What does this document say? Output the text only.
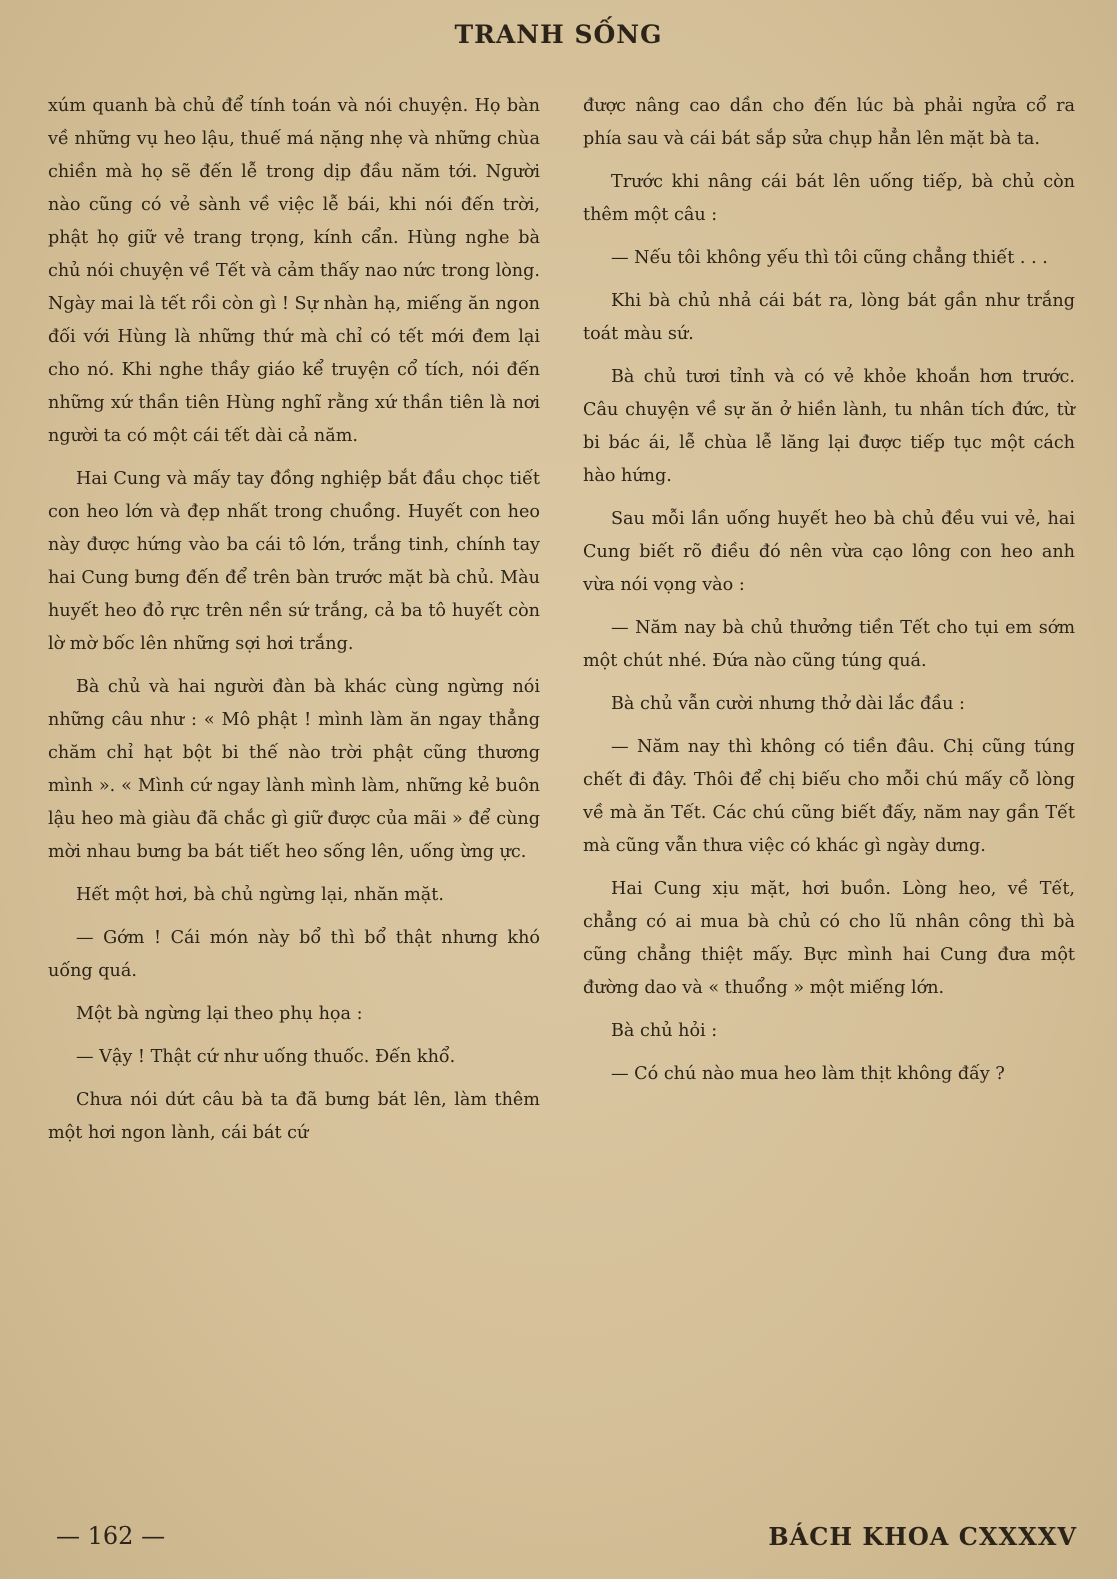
TRANH SỐNG

xúm quanh bà chủ để tính toán và nói chuyện. Họ bàn về những vụ heo lậu, thuế má nặng nhẹ và những chùa chiền mà họ sẽ đến lễ trong dịp đầu năm tới. Người nào cũng có vẻ sành về việc lễ bái, khi nói đến trời, phật họ giữ vẻ trang trọng, kính cẩn. Hùng nghe bà chủ nói chuyện về Tết và cảm thấy nao nức trong lòng. Ngày mai là tết rồi còn gì ! Sự nhàn hạ, miếng ăn ngon đối với Hùng là những thứ mà chỉ có tết mới đem lại cho nó. Khi nghe thầy giáo kể truyện cổ tích, nói đến những xứ thần tiên Hùng nghĩ rằng xứ thần tiên là nơi người ta có một cái tết dài cả năm.

Hai Cung và mấy tay đồng nghiệp bắt đầu chọc tiết con heo lớn và đẹp nhất trong chuồng. Huyết con heo này được hứng vào ba cái tô lớn, trắng tinh, chính tay hai Cung bưng đến để trên bàn trước mặt bà chủ. Màu huyết heo đỏ rực trên nền sứ trắng, cả ba tô huyết còn lờ mờ bốc lên những sợi hơi trắng.

Bà chủ và hai người đàn bà khác cùng ngừng nói những câu như : « Mô phật ! mình làm ăn ngay thẳng chăm chỉ hạt bột bi thế nào trời phật cũng thương mình ». « Mình cứ ngay lành mình làm, những kẻ buôn lậu heo mà giàu đã chắc gì giữ được của mãi » để cùng mời nhau bưng ba bát tiết heo sống lên, uống ừng ực.

Hết một hơi, bà chủ ngừng lại, nhăn mặt.

— Gớm ! Cái món này bổ thì bổ thật nhưng khó uống quá.

Một bà ngừng lại theo phụ họa :

— Vậy ! Thật cứ như uống thuốc. Đến khổ.

Chưa nói dứt câu bà ta đã bưng bát lên, làm thêm một hơi ngon lành, cái bát cứ

được nâng cao dần cho đến lúc bà phải ngửa cổ ra phía sau và cái bát sắp sửa chụp hẳn lên mặt bà ta.

Trước khi nâng cái bát lên uống tiếp, bà chủ còn thêm một câu :

— Nếu tôi không yếu thì tôi cũng chẳng thiết . . .

Khi bà chủ nhả cái bát ra, lòng bát gần như trắng toát màu sứ.

Bà chủ tươi tỉnh và có vẻ khỏe khoắn hơn trước. Câu chuyện về sự ăn ở hiền lành, tu nhân tích đức, từ bi bác ái, lễ chùa lễ lăng lại được tiếp tục một cách hào hứng.

Sau mỗi lần uống huyết heo bà chủ đều vui vẻ, hai Cung biết rõ điều đó nên vừa cạo lông con heo anh vừa nói vọng vào :

— Năm nay bà chủ thưởng tiền Tết cho tụi em sớm một chút nhé. Đứa nào cũng túng quá.

Bà chủ vẫn cười nhưng thở dài lắc đầu :

— Năm nay thì không có tiền đâu. Chị cũng túng chết đi đây. Thôi để chị biếu cho mỗi chú mấy cỗ lòng về mà ăn Tết. Các chú cũng biết đấy, năm nay gần Tết mà cũng vẫn thưa việc có khác gì ngày dưng.

Hai Cung xịu mặt, hơi buồn. Lòng heo, về Tết, chẳng có ai mua bà chủ có cho lũ nhân công thì bà cũng chẳng thiệt mấy. Bực mình hai Cung đưa một đường dao và « thuổng » một miếng lớn.

Bà chủ hỏi :

— Có chú nào mua heo làm thịt không đấy ?

— 162 —	BÁCH KHOA CXXXXV
